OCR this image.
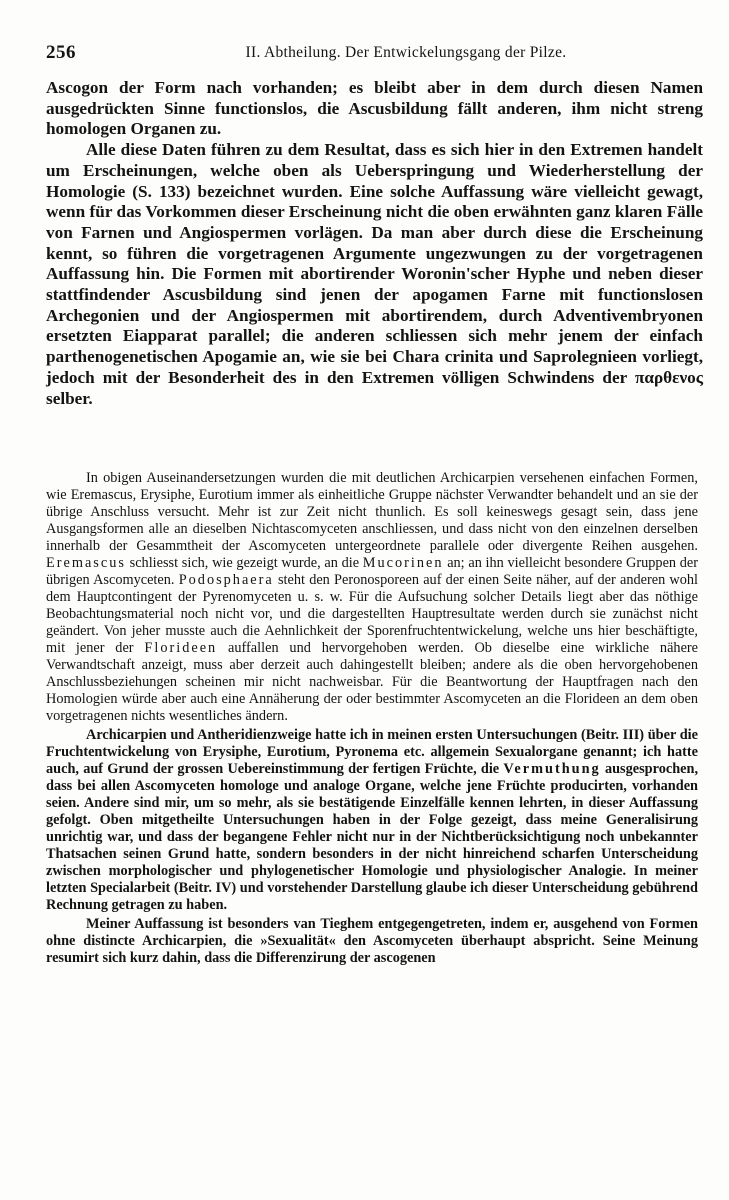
256	II. Abtheilung. Der Entwickelungsgang der Pilze.

Ascogon der Form nach vorhanden; es bleibt aber in dem durch diesen Namen ausgedrückten Sinne functionslos, die Ascusbildung fällt anderen, ihm nicht streng homologen Organen zu.

Alle diese Daten führen zu dem Resultat, dass es sich hier in den Extremen handelt um Erscheinungen, welche oben als Ueberspringung und Wiederherstellung der Homologie (S. 133) bezeichnet wurden. Eine solche Auffassung wäre vielleicht gewagt, wenn für das Vorkommen dieser Erscheinung nicht die oben erwähnten ganz klaren Fälle von Farnen und Angiospermen vorlägen. Da man aber durch diese die Erscheinung kennt, so führen die vorgetragenen Argumente ungezwungen zu der vorgetragenen Auffassung hin. Die Formen mit abortirender Woronin'scher Hyphe und neben dieser stattfindender Ascusbildung sind jenen der apogamen Farne mit functionslosen Archegonien und der Angiospermen mit abortirendem, durch Adventivembryonen ersetzten Eiapparat parallel; die anderen schliessen sich mehr jenem der einfach parthenogenetischen Apogamie an, wie sie bei Chara crinita und Saprolegnieen vorliegt, jedoch mit der Besonderheit des in den Extremen völligen Schwindens der παρθενος selber.

In obigen Auseinandersetzungen wurden die mit deutlichen Archicarpien versehenen einfachen Formen, wie Eremascus, Erysiphe, Eurotium immer als einheitliche Gruppe nächster Verwandter behandelt und an sie der übrige Anschluss versucht. Mehr ist zur Zeit nicht thunlich. Es soll keineswegs gesagt sein, dass jene Ausgangsformen alle an dieselben Nichtascomyceten anschliessen, und dass nicht von den einzelnen derselben innerhalb der Gesammtheit der Ascomyceten untergeordnete parallele oder divergente Reihen ausgehen. Eremascus schliesst sich, wie gezeigt wurde, an die Mucorinen an; an ihn vielleicht besondere Gruppen der übrigen Ascomyceten. Podosphaera steht den Peronosporeen auf der einen Seite näher, auf der anderen wohl dem Hauptcontingent der Pyrenomyceten u. s. w. Für die Aufsuchung solcher Details liegt aber das nöthige Beobachtungsmaterial noch nicht vor, und die dargestellten Hauptresultate werden durch sie zunächst nicht geändert. Von jeher musste auch die Aehnlichkeit der Sporenfruchtentwickelung, welche uns hier beschäftigte, mit jener der Florideen auffallen und hervorgehoben werden. Ob dieselbe eine wirkliche nähere Verwandtschaft anzeigt, muss aber derzeit auch dahingestellt bleiben; andere als die oben hervorgehobenen Anschlussbeziehungen scheinen mir nicht nachweisbar. Für die Beantwortung der Hauptfragen nach den Homologien würde aber auch eine Annäherung der oder bestimmter Ascomyceten an die Florideen an dem oben vorgetragenen nichts wesentliches ändern.

Archicarpien und Antheridienzweige hatte ich in meinen ersten Untersuchungen (Beitr. III) über die Fruchtentwickelung von Erysiphe, Eurotium, Pyronema etc. allgemein Sexualorgane genannt; ich hatte auch, auf Grund der grossen Uebereinstimmung der fertigen Früchte, die Vermuthung ausgesprochen, dass bei allen Ascomyceten homologe und analoge Organe, welche jene Früchte producirten, vorhanden seien. Andere sind mir, um so mehr, als sie bestätigende Einzelfälle kennen lehrten, in dieser Auffassung gefolgt. Oben mitgetheilte Untersuchungen haben in der Folge gezeigt, dass meine Generalisirung unrichtig war, und dass der begangene Fehler nicht nur in der Nichtberücksichtigung noch unbekannter Thatsachen seinen Grund hatte, sondern besonders in der nicht hinreichend scharfen Unterscheidung zwischen morphologischer und phylogenetischer Homologie und physiologischer Analogie. In meiner letzten Specialarbeit (Beitr. IV) und vorstehender Darstellung glaube ich dieser Unterscheidung gebührend Rechnung getragen zu haben.

Meiner Auffassung ist besonders van Tieghem entgegengetreten, indem er, ausgehend von Formen ohne distincte Archicarpien, die »Sexualität« den Ascomyceten überhaupt abspricht. Seine Meinung resumirt sich kurz dahin, dass die Differenzirung der ascogenen
